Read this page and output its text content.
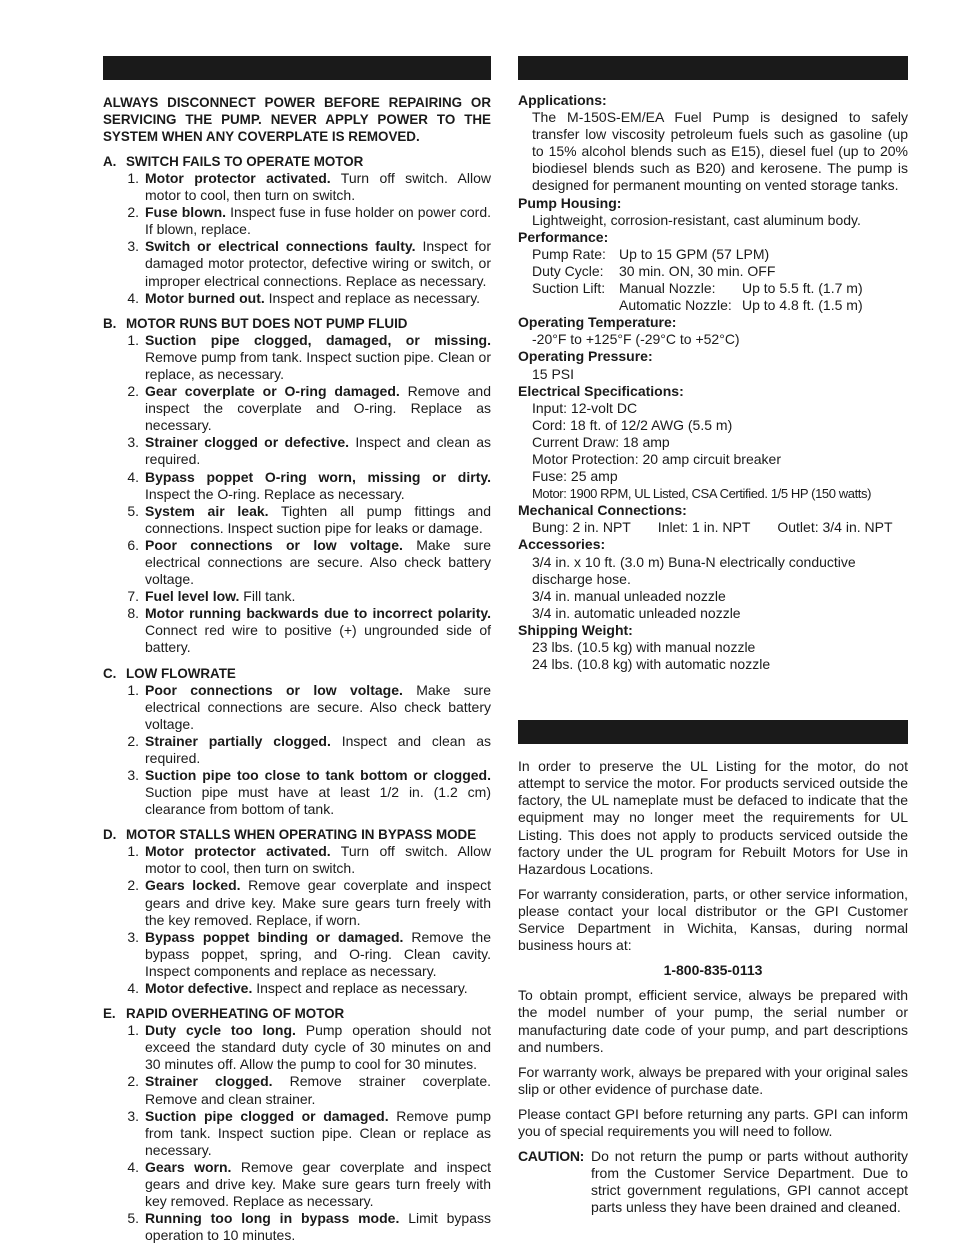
ALWAYS DISCONNECT POWER BEFORE REPAIRING OR SERVICING THE PUMP. NEVER APPLY POWER TO THE SYSTEM WHEN ANY COVERPLATE IS REMOVED.
A. SWITCH FAILS TO OPERATE MOTOR
1. Motor protector activated. Turn off switch. Allow motor to cool, then turn on switch.
2. Fuse blown. Inspect fuse in fuse holder on power cord. If blown, replace.
3. Switch or electrical connections faulty. Inspect for damaged motor protector, defective wiring or switch, or improper electrical connections. Replace as necessary.
4. Motor burned out. Inspect and replace as necessary.
B. MOTOR RUNS BUT DOES NOT PUMP FLUID
1. Suction pipe clogged, damaged, or missing. Remove pump from tank. Inspect suction pipe. Clean or replace, as necessary.
2. Gear coverplate or O-ring damaged. Remove and inspect the coverplate and O-ring. Replace as necessary.
3. Strainer clogged or defective. Inspect and clean as required.
4. Bypass poppet O-ring worn, missing or dirty. Inspect the O-ring. Replace as necessary.
5. System air leak. Tighten all pump fittings and connections. Inspect suction pipe for leaks or damage.
6. Poor connections or low voltage. Make sure electrical connections are secure. Also check battery voltage.
7. Fuel level low. Fill tank.
8. Motor running backwards due to incorrect polarity. Connect red wire to positive (+) ungrounded side of battery.
C. LOW FLOWRATE
1. Poor connections or low voltage. Make sure electrical connections are secure. Also check battery voltage.
2. Strainer partially clogged. Inspect and clean as required.
3. Suction pipe too close to tank bottom or clogged. Suction pipe must have at least 1/2 in. (1.2 cm) clearance from bottom of tank.
D. MOTOR STALLS WHEN OPERATING IN BYPASS MODE
1. Motor protector activated. Turn off switch. Allow motor to cool, then turn on switch.
2. Gears locked. Remove gear coverplate and inspect gears and drive key. Make sure gears turn freely with the key removed. Replace, if worn.
3. Bypass poppet binding or damaged. Remove the bypass poppet, spring, and O-ring. Clean cavity. Inspect components and replace as necessary.
4. Motor defective. Inspect and replace as necessary.
E. RAPID OVERHEATING OF MOTOR
1. Duty cycle too long. Pump operation should not exceed the standard duty cycle of 30 minutes on and 30 minutes off. Allow the pump to cool for 30 minutes.
2. Strainer clogged. Remove strainer coverplate. Remove and clean strainer.
3. Suction pipe clogged or damaged. Remove pump from tank. Inspect suction pipe. Clean or replace as necessary.
4. Gears worn. Remove gear coverplate and inspect gears and drive key. Make sure gears turn freely with key removed. Replace as necessary.
5. Running too long in bypass mode. Limit bypass operation to 10 minutes.
Applications:
The M-150S-EM/EA Fuel Pump is designed to safely transfer low viscosity petroleum fuels such as gasoline (up to 15% alcohol blends such as E15), diesel fuel (up to 20% biodiesel blends such as B20) and kerosene. The pump is designed for permanent mounting on vented storage tanks.
Pump Housing:
Lightweight, corrosion-resistant, cast aluminum body.
Performance:
Pump Rate: Up to 15 GPM (57 LPM)
Duty Cycle:	30 min. ON, 30 min. OFF
Suction Lift: Manual Nozzle:	Up to 5.5 ft. (1.7 m)
Automatic Nozzle: Up to 4.8 ft. (1.5 m)
Operating Temperature:
-20°F to +125°F (-29°C to +52°C)
Operating Pressure:
15 PSI
Electrical Specifications:
Input: 12-volt DC
Cord: 18 ft. of 12/2 AWG (5.5 m)
Current Draw: 18 amp
Motor Protection: 20 amp circuit breaker
Fuse: 25 amp
Motor: 1900 RPM, UL Listed, CSA Certified. 1/5 HP (150 watts)
Mechanical Connections:
Bung: 2 in. NPT       Inlet: 1 in. NPT       Outlet: 3/4 in. NPT
Accessories:
3/4 in. x 10 ft. (3.0 m) Buna-N electrically conductive discharge hose.
3/4 in. manual unleaded nozzle
3/4 in. automatic unleaded nozzle
Shipping Weight:
23 lbs. (10.5 kg) with manual nozzle
24 lbs. (10.8 kg) with automatic nozzle

In order to preserve the UL Listing for the motor, do not attempt to service the motor. For products serviced outside the factory, the UL nameplate must be defaced to indicate that the equipment may no longer meet the requirements for UL Listing. This does not apply to products serviced outside the factory under the UL program for Rebuilt Motors for Use in Hazardous Locations.

For warranty consideration, parts, or other service information, please contact your local distributor or the GPI Customer Service Department in Wichita, Kansas, during normal business hours at:

1-800-835-0113

To obtain prompt, efficient service, always be prepared with the model number of your pump, the serial number or manufacturing date code of your pump, and part descriptions and numbers.

For warranty work, always be prepared with your original sales slip or other evidence of purchase date.

Please contact GPI before returning any parts. GPI can inform you of special requirements you will need to follow.

CAUTION: Do not return the pump or parts without authority from the Customer Service Department. Due to strict government regulations, GPI cannot accept parts unless they have been drained and cleaned.
